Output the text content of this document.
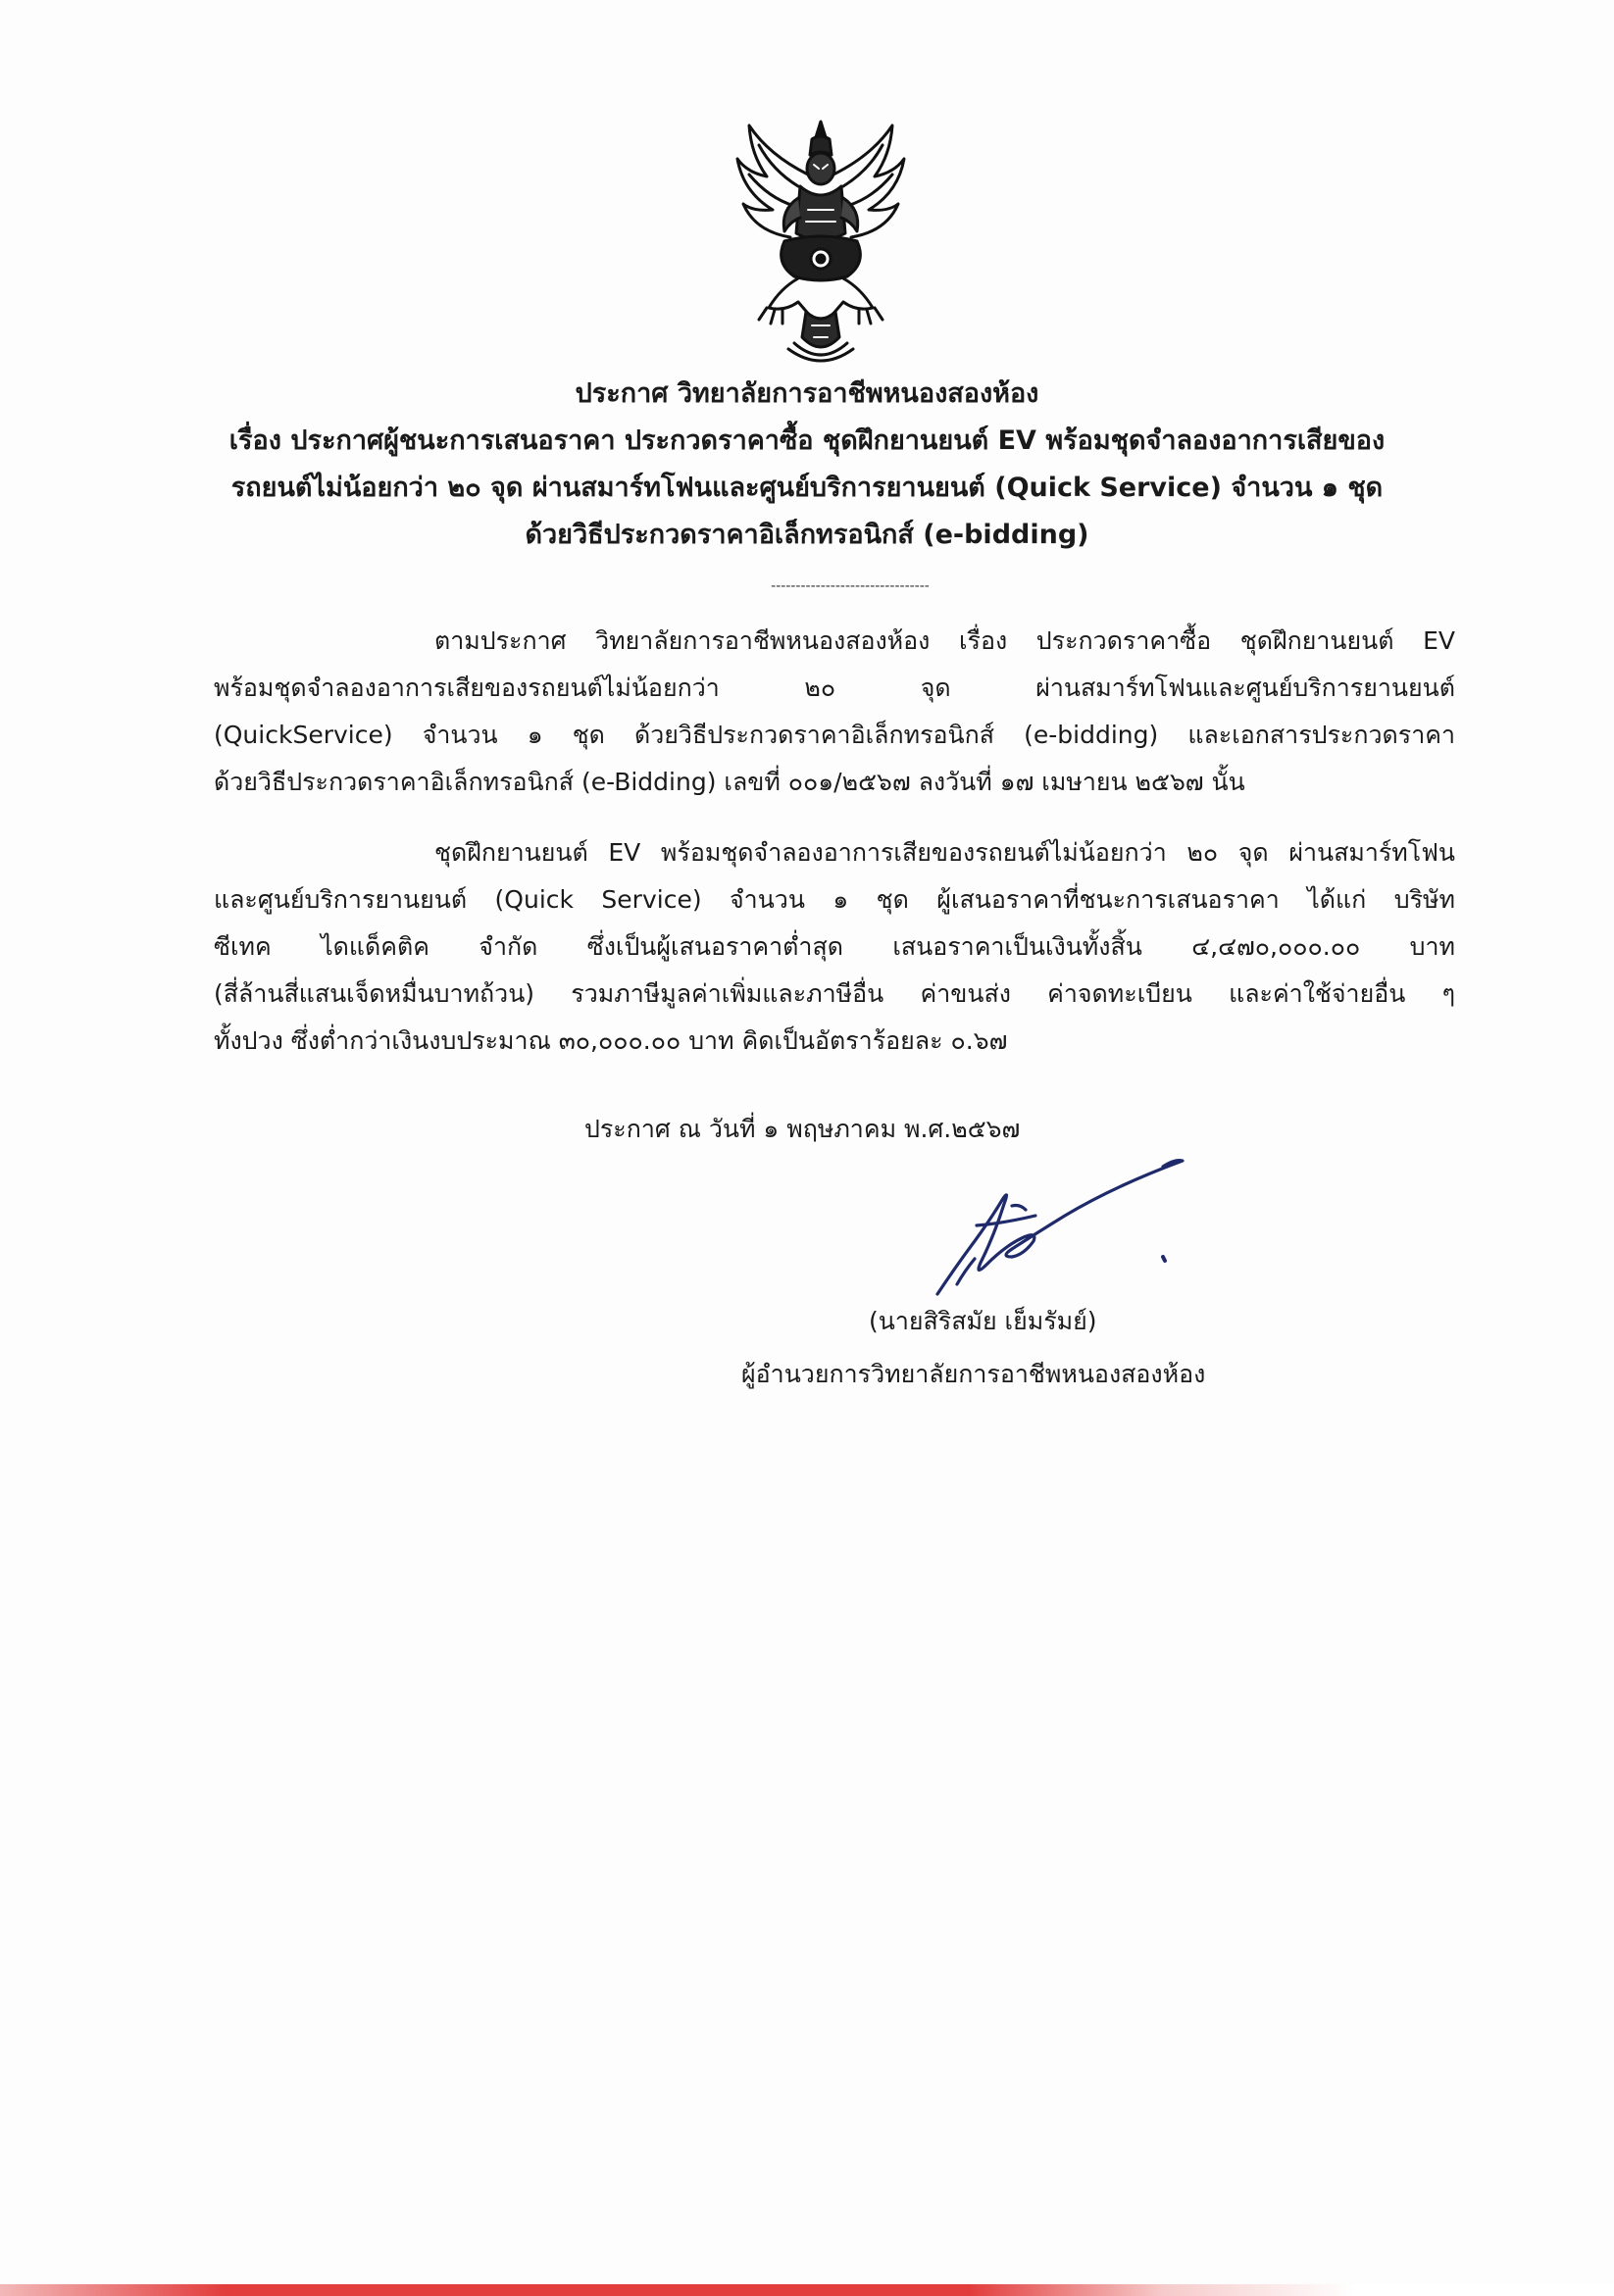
ประกาศ วิทยาลัยการอาชีพหนองสองห้อง
เรื่อง ประกาศผู้ชนะการเสนอราคา ประกวดราคาซื้อ ชุดฝึกยานยนต์ EV พร้อมชุดจำลองอาการเสียของ
รถยนต์ไม่น้อยกว่า ๒๐ จุด ผ่านสมาร์ทโฟนและศูนย์บริการยานยนต์ (Quick Service) จำนวน ๑ ชุด
ด้วยวิธีประกวดราคาอิเล็กทรอนิกส์ (e-bidding)
--------------------------------
ตามประกาศ วิทยาลัยการอาชีพหนองสองห้อง เรื่อง ประกวดราคาซื้อ ชุดฝึกยานยนต์ EV
พร้อมชุดจำลองอาการเสียของรถยนต์ไม่น้อยกว่า ๒๐ จุด ผ่านสมาร์ทโฟนและศูนย์บริการยานยนต์
(QuickService) จำนวน ๑ ชุด ด้วยวิธีประกวดราคาอิเล็กทรอนิกส์ (e-bidding) และเอกสารประกวดราคา
ด้วยวิธีประกวดราคาอิเล็กทรอนิกส์ (e-Bidding) เลขที่ ๐๐๑/๒๕๖๗ ลงวันที่ ๑๗ เมษายน ๒๕๖๗ นั้น
ชุดฝึกยานยนต์ EV พร้อมชุดจำลองอาการเสียของรถยนต์ไม่น้อยกว่า ๒๐ จุด ผ่านสมาร์ทโฟน
และศูนย์บริการยานยนต์ (Quick Service) จำนวน ๑ ชุด ผู้เสนอราคาที่ชนะการเสนอราคา ได้แก่ บริษัท
ซีเทค ไดแด็คติค จำกัด ซึ่งเป็นผู้เสนอราคาต่ำสุด เสนอราคาเป็นเงินทั้งสิ้น ๔,๔๗๐,๐๐๐.๐๐ บาท
(สี่ล้านสี่แสนเจ็ดหมื่นบาทถ้วน) รวมภาษีมูลค่าเพิ่มและภาษีอื่น ค่าขนส่ง ค่าจดทะเบียน และค่าใช้จ่ายอื่น ๆ
ทั้งปวง ซึ่งต่ำกว่าเงินงบประมาณ ๓๐,๐๐๐.๐๐ บาท คิดเป็นอัตราร้อยละ ๐.๖๗
ประกาศ ณ วันที่ ๑ พฤษภาคม พ.ศ.๒๕๖๗
(นายสิริสมัย เย็มรัมย์)
ผู้อำนวยการวิทยาลัยการอาชีพหนองสองห้อง
